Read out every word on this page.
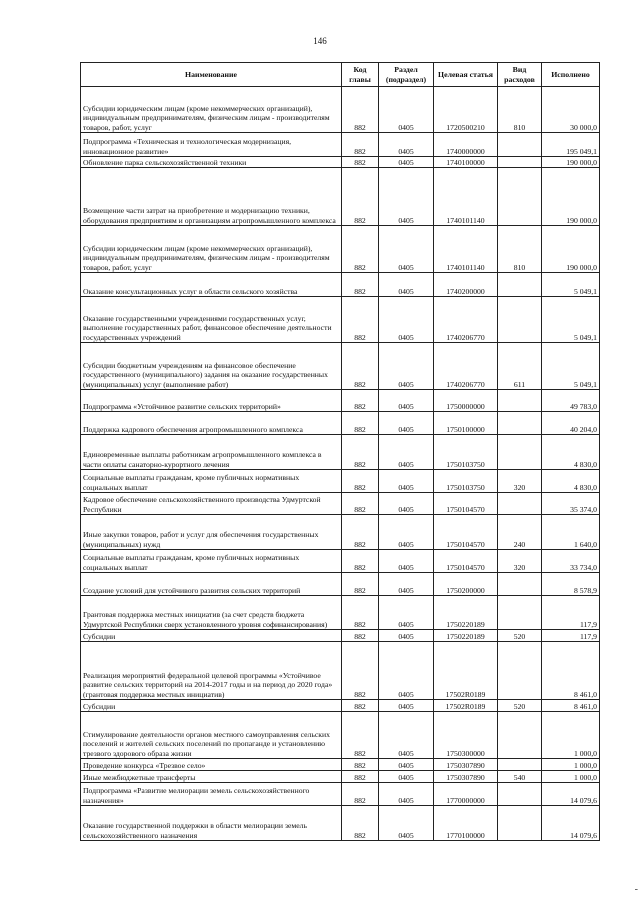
146
Наименование	Код главы	Раздел (подраздел)	Целевая статья	Вид расходов	Исполнено
Субсидии юридическим лицам (кроме некоммерческих организаций), индивидуальным предпринимателям, физическим лицам - производителям товаров, работ, услуг	882	0405	1720500210	810	30 000,0
Подпрограмма «Техническая и технологическая модернизация, инновационное развитие»	882	0405	1740000000		195 049,1
Обновление парка сельскохозяйственной техники	882	0405	1740100000		190 000,0
Возмещение части затрат на приобретение и модернизацию техники, оборудования предприятиям и организациям агропромышленного комплекса	882	0405	1740101140		190 000,0
Субсидии юридическим лицам (кроме некоммерческих организаций), индивидуальным предпринимателям, физическим лицам - производителям товаров, работ, услуг	882	0405	1740101140	810	190 000,0
Оказание консультационных услуг в области сельского хозяйства	882	0405	1740200000		5 049,1
Оказание государственными учреждениями государственных услуг, выполнение государственных работ, финансовое обеспечение деятельности государственных учреждений	882	0405	1740206770		5 049,1
Субсидии бюджетным учреждениям на финансовое обеспечение государственного (муниципального) задания на оказание государственных (муниципальных) услуг (выполнение работ)	882	0405	1740206770	611	5 049,1
Подпрограмма «Устойчивое развитие сельских территорий»	882	0405	1750000000		49 783,0
Поддержка кадрового обеспечения агропромышленного комплекса	882	0405	1750100000		40 204,0
Единовременные выплаты работникам агропромышленного комплекса в части оплаты санаторно-курортного лечения	882	0405	1750103750		4 830,0
Социальные выплаты гражданам, кроме публичных нормативных социальных выплат	882	0405	1750103750	320	4 830,0
Кадровое обеспечение сельскохозяйственного производства Удмуртской Республики	882	0405	1750104570		35 374,0
Иные закупки товаров, работ и услуг для обеспечения государственных (муниципальных) нужд	882	0405	1750104570	240	1 640,0
Социальные выплаты гражданам, кроме публичных нормативных социальных выплат	882	0405	1750104570	320	33 734,0
Создание условий для устойчивого развития сельских территорий	882	0405	1750200000		8 578,9
Грантовая поддержка местных инициатив (за счет средств бюджета Удмуртской Республики сверх установленного уровня софинансирования)	882	0405	1750220189		117,9
Субсидии	882	0405	1750220189	520	117,9
Реализация мероприятий федеральной целевой программы «Устойчивое развитие сельских территорий на 2014-2017 годы и на период до 2020 года» (грантовая поддержка местных инициатив)	882	0405	17502R0189		8 461,0
Субсидии	882	0405	17502R0189	520	8 461,0
Стимулирование деятельности органов местного самоуправления сельских поселений и жителей сельских поселений по пропаганде и установлению трезвого здорового образа жизни	882	0405	1750300000		1 000,0
Проведение конкурса «Трезвое село»	882	0405	1750307890		1 000,0
Иные межбюджетные трансферты	882	0405	1750307890	540	1 000,0
Подпрограмма «Развитие мелиорации земель сельскохозяйственного назначения»	882	0405	1770000000		14 079,6
Оказание государственной поддержки в области мелиорации земель сельскохозяйственного назначения	882	0405	1770100000		14 079,6
-
